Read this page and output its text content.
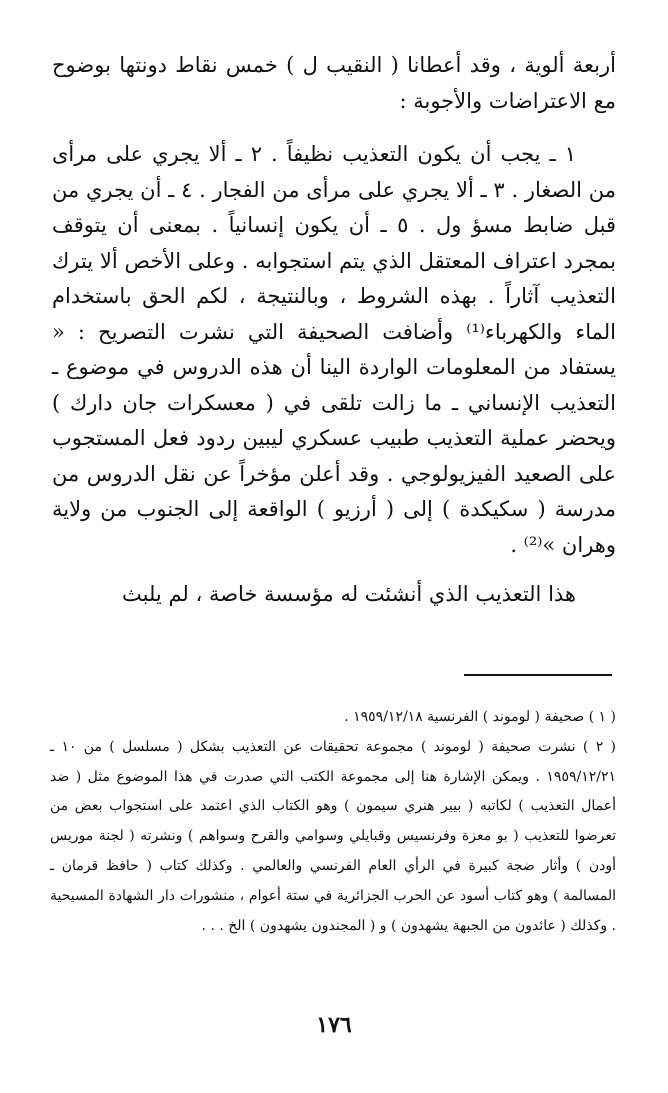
أربعة ألوية ، وقد أعطانا ( النقيب ل ) خمس نقاط دونتها بوضوح مع الاعتراضات والأجوبة :

١ ـ يجب أن يكون التعذيب نظيفاً . ٢ ـ ألا يجري على مرأى من الصغار . ٣ ـ ألا يجري على مرأى من الفجار . ٤ ـ أن يجري من قبل ضابط مسؤ ول . ٥ ـ أن يكون إنسانياً . بمعنى أن يتوقف بمجرد اعتراف المعتقل الذي يتم استجوابه . وعلى الأخص ألا يترك التعذيب آثاراً . بهذه الشروط ، وبالنتيجة ، لكم الحق باستخدام الماء والكهرباء⁽¹⁾ وأضافت الصحيفة التي نشرت التصريح : « يستفاد من المعلومات الواردة الينا أن هذه الدروس في موضوع ـ التعذيب الإنساني ـ ما زالت تلقى في ( معسكرات جان دارك ) ويحضر عملية التعذيب طبيب عسكري ليبين ردود فعل المستجوب على الصعيد الفيزيولوجي . وقد أعلن مؤخراً عن نقل الدروس من مدرسة ( سكيكدة ) إلى ( أرزيو ) الواقعة إلى الجنوب من ولاية وهران »⁽²⁾ .

هذا التعذيب الذي أنشئت له مؤسسة خاصة ، لم يلبث

( ١ ) صحيفة ( لوموند ) الفرنسية ١٩٥٩/١٢/١٨ .

( ٢ ) نشرت صحيفة ( لوموند ) مجموعة تحقيقات عن التعذيب بشكل ( مسلسل ) من ١٠ ـ ١٩٥٩/١٢/٢١ . ويمكن الإشارة هنا إلى مجموعة الكتب التي صدرت في هذا الموضوع مثل ( ضد أعمال التعذيب ) لكاتبه ( بيير هنري سيمون ) وهو الكتاب الذي اعتمد على استجواب بعض من تعرضوا للتعذيب ( بو معزة وفرنسيس وقبايلي وسوامي والقرح وسواهم ) ونشرته ( لجنة موريس أودن ) وأثار ضجة كبيرة في الرأي العام الفرنسي والعالمي . وكذلك كتاب ( حافظ قرمان ـ المسالمة ) وهو كتاب أسود عن الحرب الجزائرية في ستة أعوام ، منشورات دار الشهادة المسيحية . وكذلك ( عائدون من الجبهة يشهدون ) و ( المجندون يشهدون ) الخ . . .

١٧٦
